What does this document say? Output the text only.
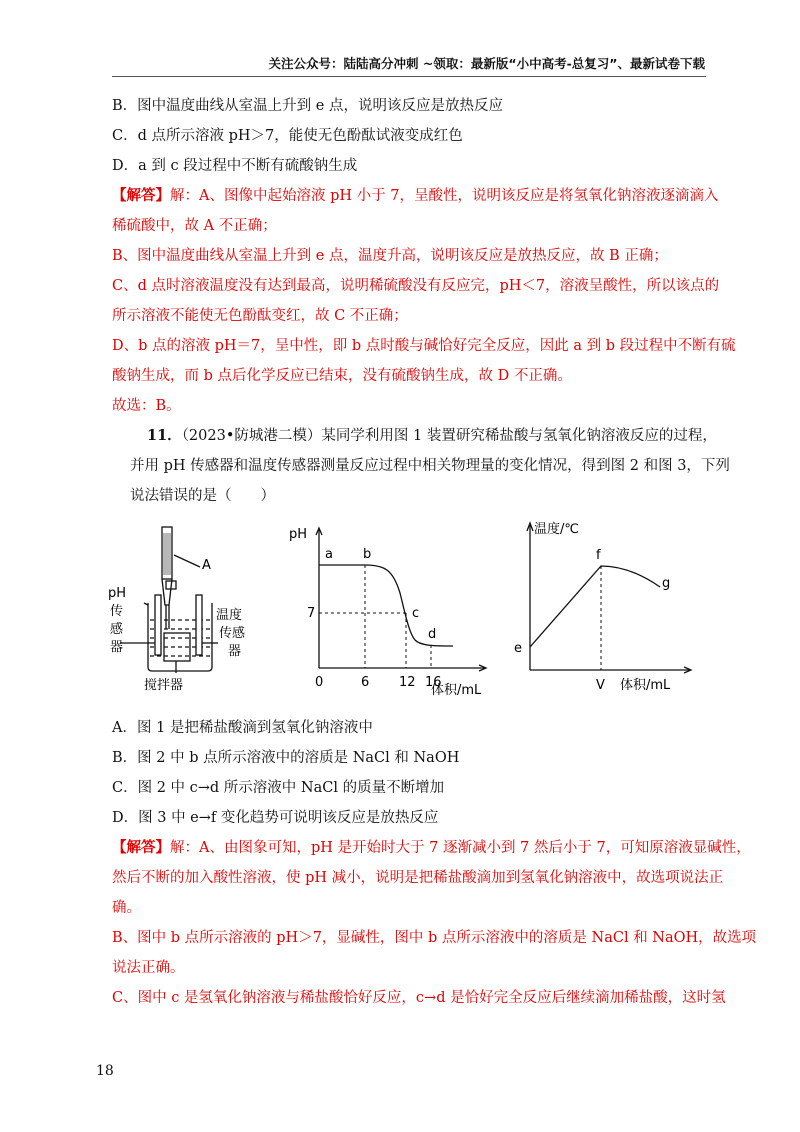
关注公众号：陆陆高分冲刺 ~领取：最新版“小中高考-总复习”、最新试卷下载
B．图中温度曲线从室温上升到 e 点，说明该反应是放热反应
C．d 点所示溶液 pH＞7，能使无色酚酞试液变成红色
D．a 到 c 段过程中不断有硫酸钠生成
【解答】解：A、图像中起始溶液 pH 小于 7，呈酸性，说明该反应是将氢氧化钠溶液逐滴滴入
稀硫酸中，故 A 不正确；
B、图中温度曲线从室温上升到 e 点，温度升高，说明该反应是放热反应，故 B 正确；
C、d 点时溶液温度没有达到最高，说明稀硫酸没有反应完，pH＜7，溶液呈酸性，所以该点的
所示溶液不能使无色酚酞变红，故 C 不正确；
D、b 点的溶液 pH＝7，呈中性，即 b 点时酸与碱恰好完全反应，因此 a 到 b 段过程中不断有硫
酸钠生成，而 b 点后化学反应已结束，没有硫酸钠生成，故 D 不正确。
故选：B。
11．（2023•防城港二模）某同学利用图 1 装置研究稀盐酸与氢氧化钠溶液反应的过程，
并用 pH 传感器和温度传感器测量反应过程中相关物理量的变化情况，得到图 2 和图 3，下列
说法错误的是（　　）
A
pH
传
感
器
温度
传感
器
搅拌器
pH
7
0	6 12 16
体积/mL
a b
c
d
温度/℃
e
f
g
V 体积/mL
A．图 1 是把稀盐酸滴到氢氧化钠溶液中
B．图 2 中 b 点所示溶液中的溶质是 NaCl 和 NaOH
C．图 2 中 c→d 所示溶液中 NaCl 的质量不断增加
D．图 3 中 e→f 变化趋势可说明该反应是放热反应
【解答】解：A、由图象可知，pH 是开始时大于 7 逐渐减小到 7 然后小于 7，可知原溶液显碱性，
然后不断的加入酸性溶液，使 pH 减小，说明是把稀盐酸滴加到氢氧化钠溶液中，故选项说法正
确。
B、图中 b 点所示溶液的 pH＞7，显碱性，图中 b 点所示溶液中的溶质是 NaCl 和 NaOH，故选项
说法正确。
C、图中 c 是氢氧化钠溶液与稀盐酸恰好反应，c→d 是恰好完全反应后继续滴加稀盐酸，这时氢
18
